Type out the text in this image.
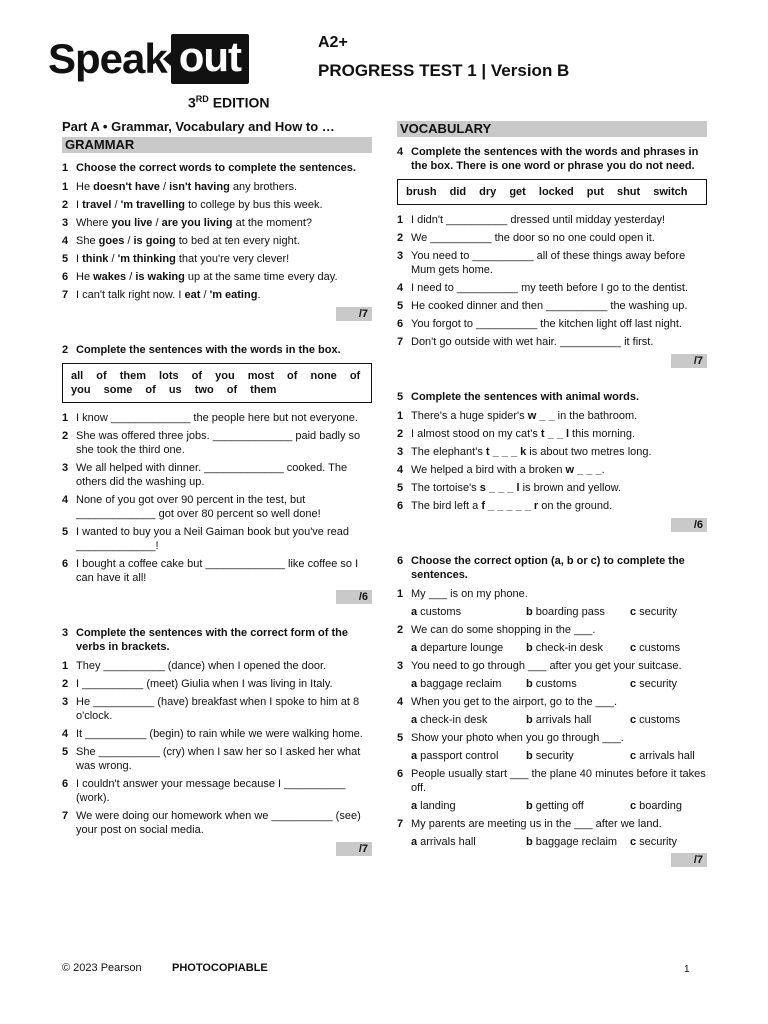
Speak out
3RD EDITION
A2+
PROGRESS TEST 1 | Version B
Part A • Grammar, Vocabulary and How to …
GRAMMAR
1 Choose the correct words to complete the sentences.
1 He doesn't have / isn't having any brothers.
2 I travel / 'm travelling to college by bus this week.
3 Where you live / are you living at the moment?
4 She goes / is going to bed at ten every night.
5 I think / 'm thinking that you're very clever!
6 He wakes / is waking up at the same time every day.
7 I can't talk right now. I eat / 'm eating.
/7
2 Complete the sentences with the words in the box.
all of them lots of you most of none of you some of us two of them
1 I know _____________ the people here but not everyone.
2 She was offered three jobs. _____________ paid badly so she took the third one.
3 We all helped with dinner. _____________ cooked. The others did the washing up.
4 None of you got over 90 percent in the test, but _____________ got over 80 percent so well done!
5 I wanted to buy you a Neil Gaiman book but you've read _____________!
6 I bought a coffee cake but _____________ like coffee so I can have it all!
/6
3 Complete the sentences with the correct form of the verbs in brackets.
1 They __________ (dance) when I opened the door.
2 I __________ (meet) Giulia when I was living in Italy.
3 He __________ (have) breakfast when I spoke to him at 8 o'clock.
4 It __________ (begin) to rain while we were walking home.
5 She __________ (cry) when I saw her so I asked her what was wrong.
6 I couldn't answer your message because I __________ (work).
7 We were doing our homework when we __________ (see) your post on social media.
/7
VOCABULARY
4 Complete the sentences with the words and phrases in the box. There is one word or phrase you do not need.
brush did dry get locked put shut switch
1 I didn't __________ dressed until midday yesterday!
2 We __________ the door so no one could open it.
3 You need to __________ all of these things away before Mum gets home.
4 I need to __________ my teeth before I go to the dentist.
5 He cooked dinner and then __________ the washing up.
6 You forgot to __________ the kitchen light off last night.
7 Don't go outside with wet hair. __________ it first.
/7
5 Complete the sentences with animal words.
1 There's a huge spider's w _ _ in the bathroom.
2 I almost stood on my cat's t _ _ l this morning.
3 The elephant's t _ _ _ k is about two metres long.
4 We helped a bird with a broken w _ _ _.
5 The tortoise's s _ _ _ l is brown and yellow.
6 The bird left a f _ _ _ _ _ r on the ground.
/6
6 Choose the correct option (a, b or c) to complete the sentences.
1 My ___ is on my phone.
a customs	b boarding pass	c security
2 We can do some shopping in the ___.
a departure lounge	b check-in desk	c customs
3 You need to go through ___ after you get your suitcase.
a baggage reclaim	b customs	c security
4 When you get to the airport, go to the ___.
a check-in desk	b arrivals hall	c customs
5 Show your photo when you go through ___.
a passport control	b security	c arrivals hall
6 People usually start ___ the plane 40 minutes before it takes off.
a landing	b getting off	c boarding
7 My parents are meeting us in the ___ after we land.
a arrivals hall	b baggage reclaim	c security
/7
© 2023 Pearson	PHOTOCOPIABLE	1
